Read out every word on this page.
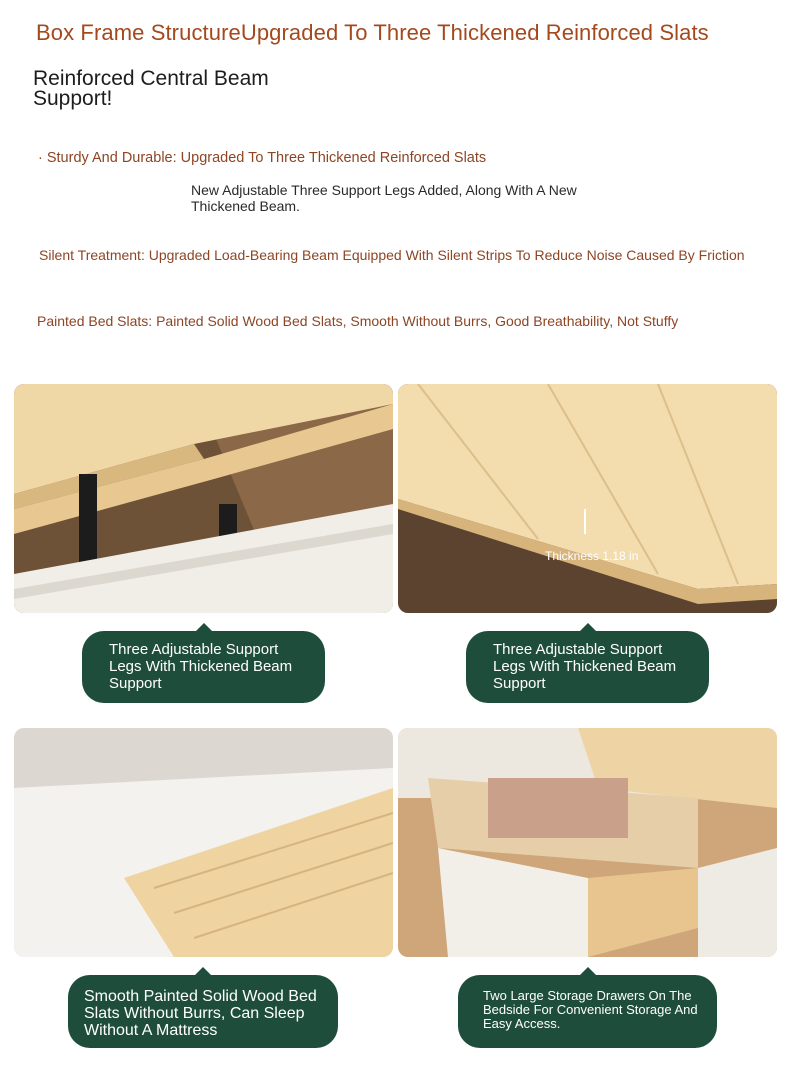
Box Frame StructureUpgraded To Three Thickened Reinforced Slats
Reinforced Central Beam Support!
· Sturdy And Durable: Upgraded To Three Thickened Reinforced Slats
New Adjustable Three Support Legs Added, Along With A New Thickened Beam.
Silent Treatment: Upgraded Load-Bearing Beam Equipped With Silent Strips To Reduce Noise Caused By Friction
Painted Bed Slats: Painted Solid Wood Bed Slats, Smooth Without Burrs, Good Breathability, Not Stuffy
Thickness 1.18 in
Three Adjustable Support Legs With Thickened Beam Support
Three Adjustable Support Legs With Thickened Beam Support
Smooth Painted Solid Wood Bed Slats Without Burrs, Can Sleep Without A Mattress
Two Large Storage Drawers On The Bedside For Convenient Storage And Easy Access.
